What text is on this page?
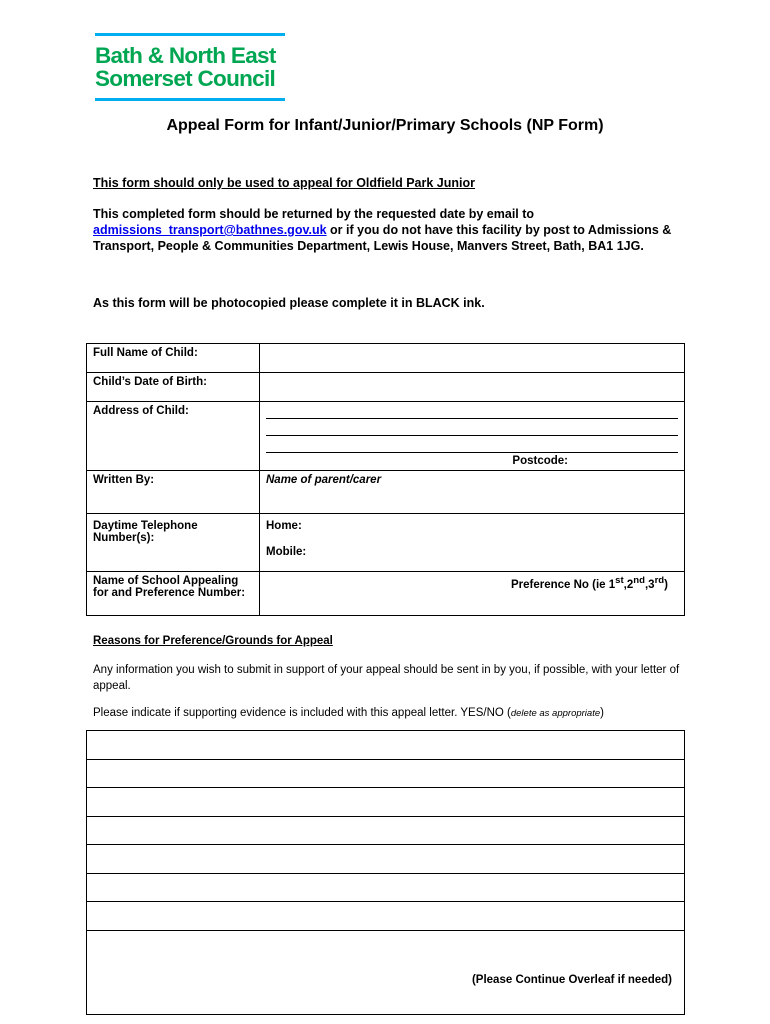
Bath & North East
Somerset Council
Appeal Form for Infant/Junior/Primary Schools (NP Form)
This form should only be used to appeal for Oldfield Park Junior
This completed form should be returned by the requested date by email to
admissions_transport@bathnes.gov.uk or if you do not have this facility by post to Admissions & Transport, People & Communities Department, Lewis House, Manvers Street, Bath, BA1 1JG.
As this form will be photocopied please complete it in BLACK ink.
Full Name of Child:	
Child’s Date of Birth:	
Address of Child:	Postcode:

Written By:	Name of parent/carer
Daytime Telephone Number(s):	Home:
Mobile:

Name of School Appealing for and Preference Number:	Preference No (ie 1st,2nd,3rd)
Reasons for Preference/Grounds for Appeal
Any information you wish to submit in support of your appeal should be sent in by you, if possible, with your letter of appeal.
Please indicate if supporting evidence is included with this appeal letter. YES/NO (delete as appropriate)

(Please Continue Overleaf if needed)
